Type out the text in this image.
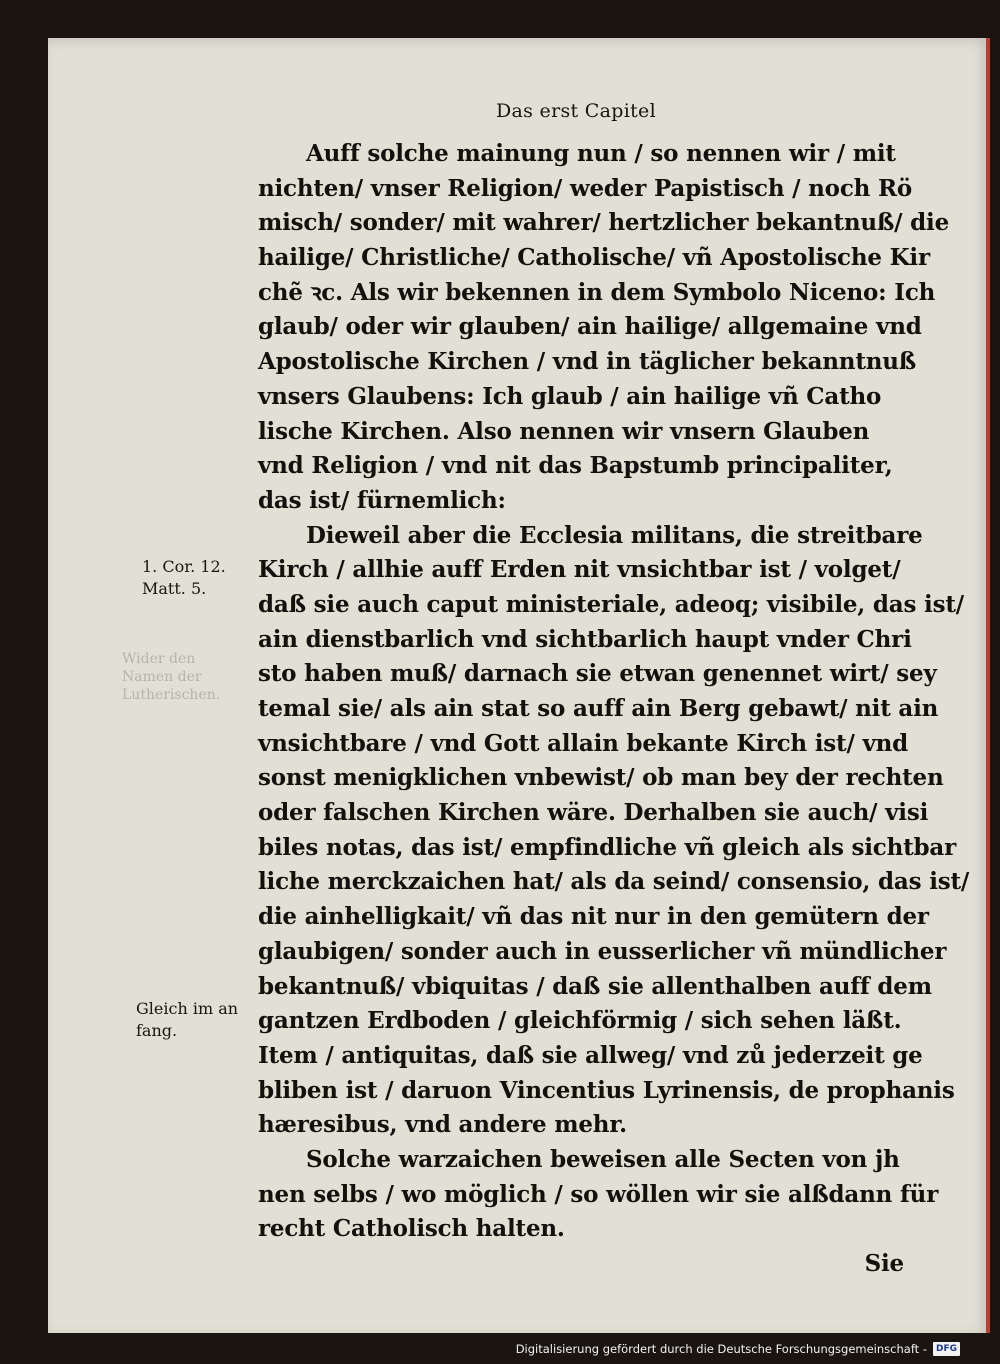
Das erst Capitel
Auff solche mainung nun / so nennen wir / mit
nichten/ vnser Religion/ weder Papistisch / noch Rö
misch/ sonder/ mit wahrer/ hertzlicher bekantnuß/ die
hailige/ Christliche/ Catholische/ vñ Apostolische Kir
chẽ ꝛc. Als wir bekennen in dem Symbolo Niceno: Ich
glaub/ oder wir glauben/ ain hailige/ allgemaine vnd
Apostolische Kirchen / vnd in täglicher bekanntnuß
vnsers Glaubens: Ich glaub / ain hailige vñ Catho
lische Kirchen. Also nennen wir vnsern Glauben
vnd Religion / vnd nit das Bapstumb principaliter,
das ist/ fürnemlich:
Dieweil aber die Ecclesia militans, die streitbare
Kirch / allhie auff Erden nit vnsichtbar ist / volget/
daß sie auch caput ministeriale, adeoq; visibile, das ist/
ain dienstbarlich vnd sichtbarlich haupt vnder Chri
sto haben muß/ darnach sie etwan genennet wirt/ sey
temal sie/ als ain stat so auff ain Berg gebawt/ nit ain
vnsichtbare / vnd Gott allain bekante Kirch ist/ vnd
sonst menigklichen vnbewist/ ob man bey der rechten
oder falschen Kirchen wäre. Derhalben sie auch/ visi
biles notas, das ist/ empfindliche vñ gleich als sichtbar
liche merckzaichen hat/ als da seind/ consensio, das ist/
die ainhelligkait/ vñ das nit nur in den gemütern der
glaubigen/ sonder auch in eusserlicher vñ mündlicher
bekantnuß/ vbiquitas / daß sie allenthalben auff dem
gantzen Erdboden / gleichförmig / sich sehen läßt.
Item / antiquitas, daß sie allweg/ vnd zů jederzeit ge
bliben ist / daruon Vincentius Lyrinensis, de prophanis
hæresibus, vnd andere mehr.
Solche warzaichen beweisen alle Secten von jh
nen selbs / wo möglich / so wöllen wir sie alßdann für
recht Catholisch halten.
Sie
1. Cor. 12.
Matt. 5.
Gleich im an
fang.
Wider den
Namen der
Lutherischen.
Digitalisierung gefördert durch die Deutsche Forschungsgemeinschaft -	DFG
